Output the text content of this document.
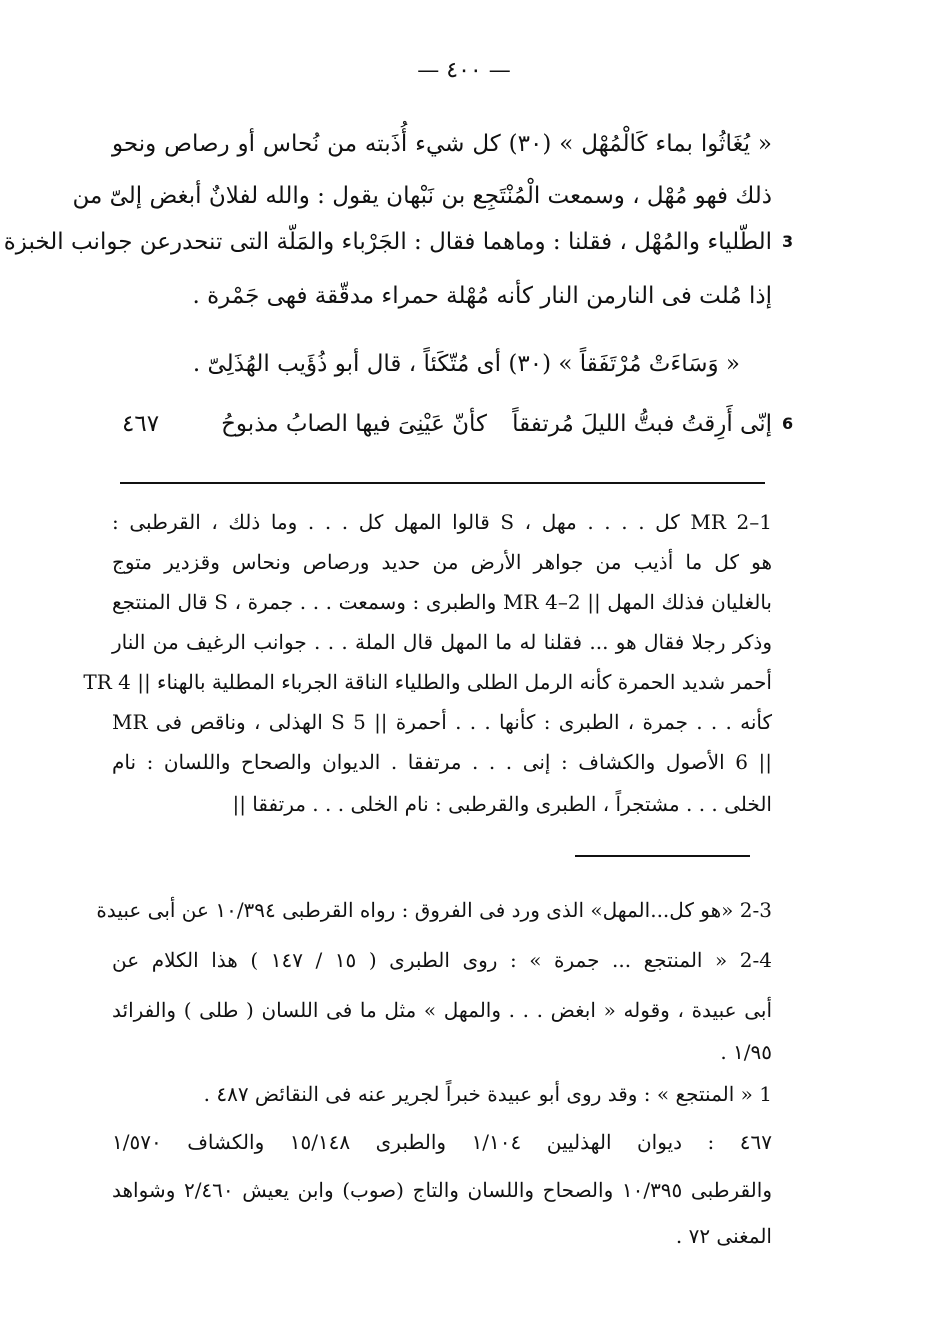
— ٤٠٠ —
« يُغَاثُوا بماء كَالْمُهْل » (٣٠) كل شيء أُذَبته من نُحاس أو رصاص ونحو
ذلك فهو مُهْل ، وسمعت الْمُنْتَجِع بن نَبْهان يقول : والله لفلانٌ أبغض إلىّ من
الطّلياء والمُهْل ، فقلنا : وماهما فقال : الجَرْباء والمَلّة التى تنحدرعن جوانب الخبزة 3
إذا مُلت فى النارمن النار كأنه مُهْلة حمراء مدقّقة فهى جَمْرة .
« وَسَاءَتْ مُرْتَفَقاً » (٣٠) أى مُتّكَئاً ، قال أبو ذُؤَيب الهُذَلِىّ .
إنّى أَرِقتُ فبتُّ الليلَ مُرتفقاً
كأنّ عَيْنِىَ فيها الصابُ مذبوحُ
٤٦٧	6
1–2 MR كل . . . . مهل ، S قالوا المهل كل . . . وما ذلك ، القرطبى :
هو كل ما أذيب من جواهر الأرض من حديد ورصاص ونحاس وقزدير متوج
بالغليان فذلك المهل || 2–4 MR والطبرى : وسمعت . . . جمرة ، S قال المنتجع
وذكر رجلا فقال هو ... فقلنا له ما المهل قال الملة . . . جوانب الرغيف من النار
أحمر شديد الحمرة كأنه الرمل الطلى والطلياء الناقة الجرباء المطلية بالهناء || TR 4
كأنه . . . جمرة ، الطبرى : كأنها . . . أحمرة || S 5 الهذلى ، وناقص فى MR
|| 6 الأصول والكشاف : إنى . . . مرتفقا . الديوان والصحاح واللسان : نام
الخلى . . . مشتجراً ، الطبرى والقرطبى : نام الخلى . . . مرتفقا ||
2-3 «هو كل...المهل» الذى ورد فى الفروق : رواه القرطبى ١٠/٣٩٤ عن أبى عبيدة
2-4 « المنتجع ... جمرة » : روى الطبرى ( ١٥ / ١٤٧ ) هذا الكلام عن
أبى عبيدة ، وقوله « ابغض . . . والمهل » مثل ما فى اللسان ( طلى ) والفرائد
١/٩٥ .
1 « المنتجع » : وقد روى أبو عبيدة خبراً لجرير عنه فى النقائض ٤٨٧ .
٤٦٧ : ديوان الهذليين ١/١٠٤ والطبرى ١٥/١٤٨ والكشاف ١/٥٧٠
والقرطبى ١٠/٣٩٥ والصحاح واللسان والتاج (صوب) وابن يعيش ٢/٤٦٠ وشواهد
المغنى ٧٢ .
